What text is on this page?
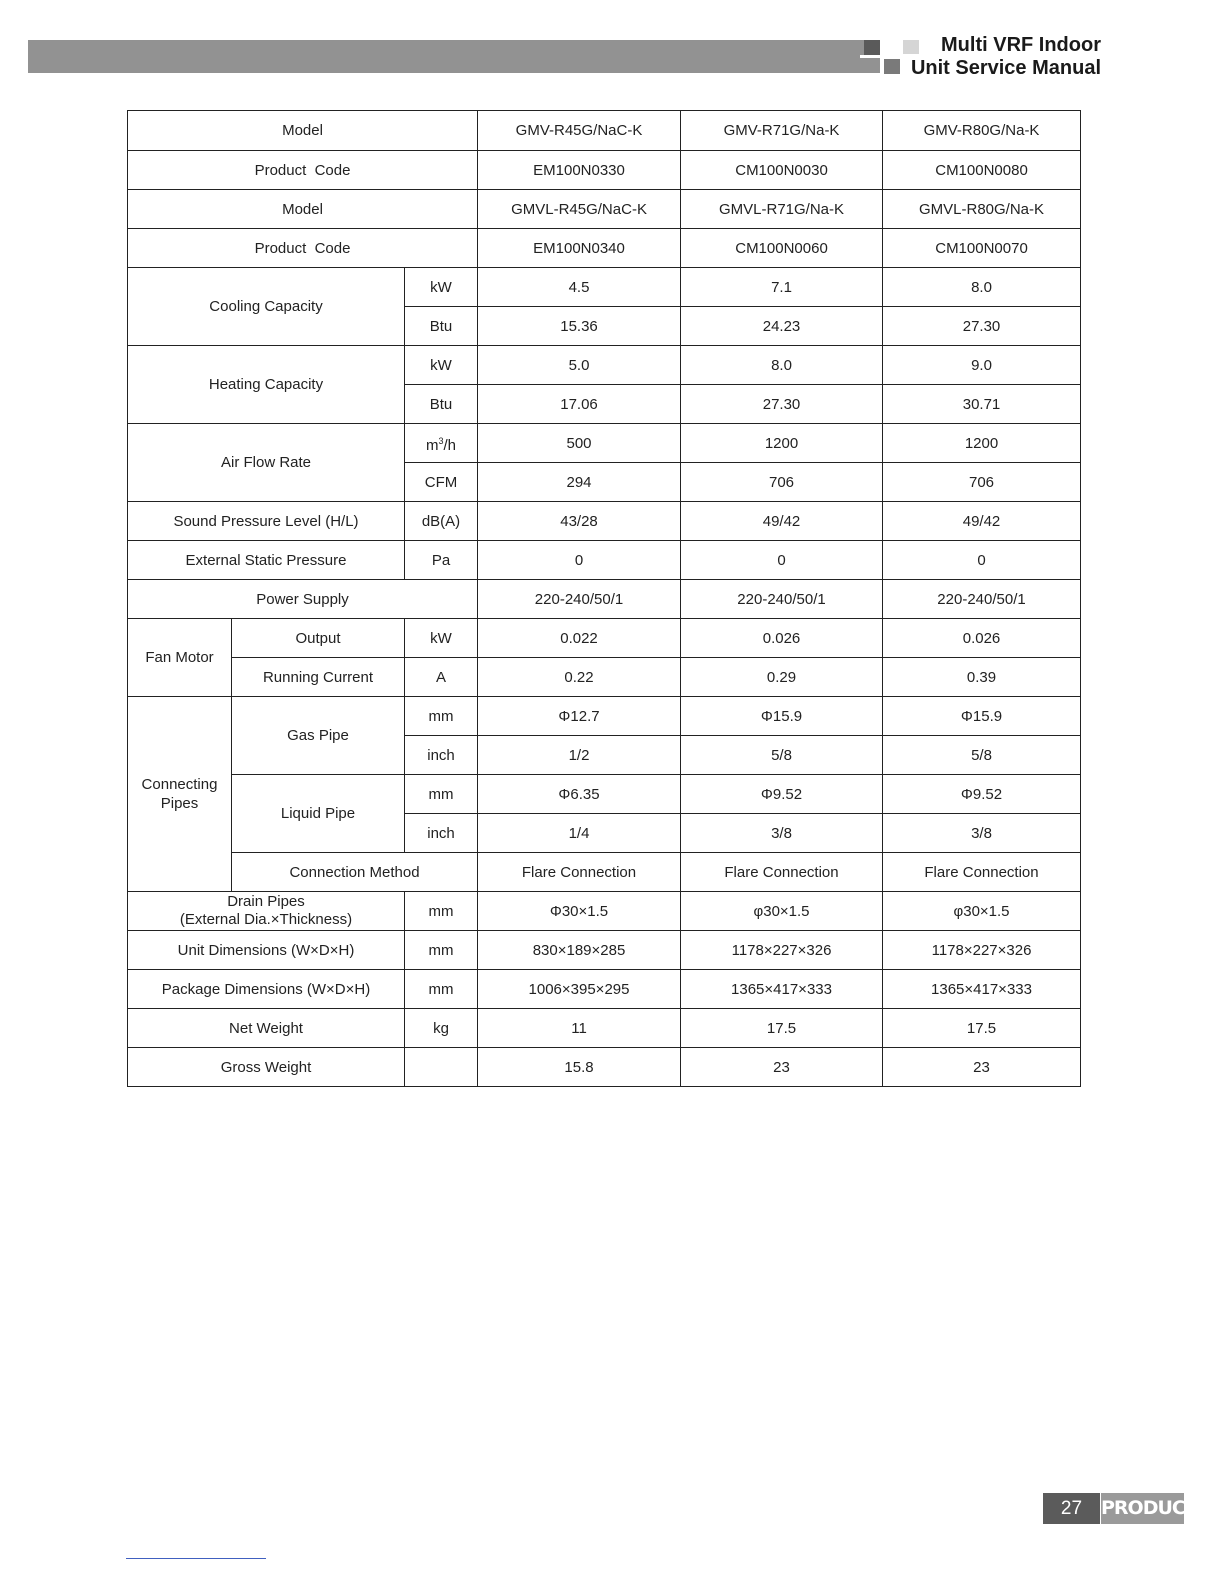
Multi VRF Indoor
Unit Service Manual
Model			GMV-R45G/NaC-K	GMV-R71G/Na-K	GMV-R80G/Na-K
Product  Code			EM100N0330	CM100N0030	CM100N0080
Model			GMVL-R45G/NaC-K	GMVL-R71G/Na-K	GMVL-R80G/Na-K
Product  Code			EM100N0340	CM100N0060	CM100N0070
Cooling Capacity		kW	4.5	7.1	8.0
		Btu	15.36	24.23	27.30
Heating Capacity		kW	5.0	8.0	9.0
		Btu	17.06	27.30	30.71
Air Flow Rate		$m^3/h$	500	1200	1200
		CFM	294	706	706
Sound Pressure Level (H/L)		dB(A)	43/28	49/42	49/42
External Static Pressure		Pa	0	0	0
Power Supply			220-240/50/1	220-240/50/1	220-240/50/1
Fan Motor	Output	kW	0.022	0.026	0.026
	Running Current	A	0.22	0.29	0.39

Connecting
Pipes	Gas Pipe	mm	Φ12.7	Φ15.9	Φ15.9
		inch	1/2	5/8	5/8
	Liquid Pipe	mm	Φ6.35	Φ9.52	Φ9.52
		inch	1/4	3/8	3/8
	Connection Method		Flare Connection	Flare Connection	Flare Connection

Drain Pipes
(External Dia.×Thickness)		mm	Φ30×1.5	φ30×1.5	φ30×1.5
Unit Dimensions (W×D×H)		mm	830×189×285	1178×227×326	1178×227×326
Package Dimensions (W×D×H)		mm	1006×395×295	1365×417×333	1365×417×333
Net Weight		kg	11	17.5	17.5
Gross Weight			15.8	23	23
27 PRODUCT
